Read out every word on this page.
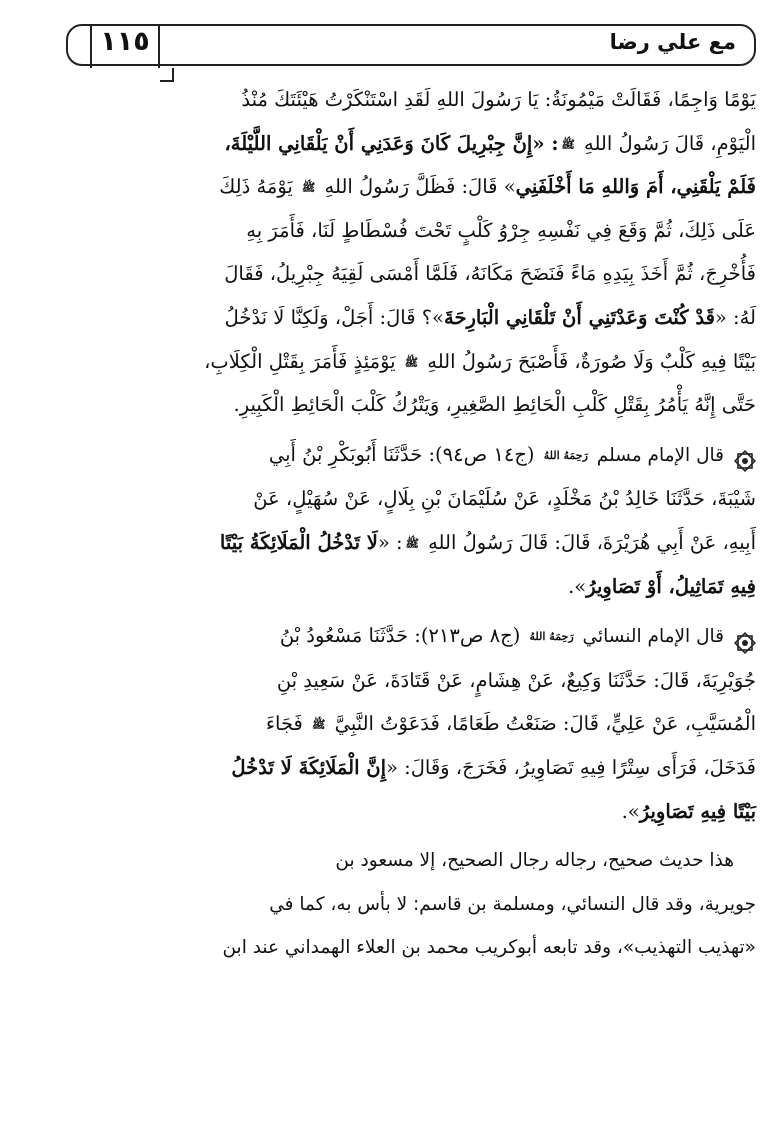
مع علي رضا
١١٥

يَوْمًا وَاجِمًا، فَقَالَتْ مَيْمُونَةُ: يَا رَسُولَ اللهِ لَقَدِ اسْتَنْكَرْتُ هَيْئَتَكَ مُنْذُ

الْيَوْمِ، قَالَ رَسُولُ اللهِ ﷺ: «إِنَّ جِبْرِيلَ كَانَ وَعَدَنِي أَنْ يَلْقَانِي اللَّيْلَةَ،

فَلَمْ يَلْقَنِي، أَمَ وَاللهِ مَا أَخْلَفَنِي» قَالَ: فَظَلَّ رَسُولُ اللهِ ﷺ يَوْمَهُ ذَلِكَ

عَلَى ذَلِكَ، ثُمَّ وَقَعَ فِي نَفْسِهِ جِرْوُ كَلْبٍ تَحْتَ فُسْطَاطٍ لَنَا، فَأَمَرَ بِهِ

فَأُخْرِجَ، ثُمَّ أَخَذَ بِيَدِهِ مَاءً فَنَضَحَ مَكَانَهُ، فَلَمَّا أَمْسَى لَقِيَهُ جِبْرِيلُ، فَقَالَ

لَهُ: «قَدْ كُنْتَ وَعَدْتَنِي أَنْ تَلْقَانِي الْبَارِحَةَ»؟ قَالَ: أَجَلْ، وَلَكِنَّا لَا نَدْخُلُ

بَيْتًا فِيهِ كَلْبٌ وَلَا صُورَةٌ، فَأَصْبَحَ رَسُولُ اللهِ ﷺ يَوْمَئِذٍ فَأَمَرَ بِقَتْلِ الْكِلَابِ،

حَتَّى إِنَّهُ يَأْمُرُ بِقَتْلِ كَلْبِ الْحَائِطِ الصَّغِيرِ، وَيَتْرُكُ كَلْبَ الْحَائِطِ الْكَبِيرِ.

قال الإمام مسلم رَحِمَهُ اللهُ (ج١٤ ص٩٤): حَدَّثَنَا أَبُوبَكْرِ بْنُ أَبِي

شَيْبَةَ، حَدَّثَنَا خَالِدُ بْنُ مَخْلَدٍ، عَنْ سُلَيْمَانَ بْنِ بِلَالٍ، عَنْ سُهَيْلٍ، عَنْ

أَبِيهِ، عَنْ أَبِي هُرَيْرَةَ، قَالَ: قَالَ رَسُولُ اللهِ ﷺ: «لَا تَدْخُلُ الْمَلَائِكَةُ بَيْتًا

فِيهِ تَمَاثِيلُ، أَوْ تَصَاوِيرُ».

قال الإمام النسائي رَحِمَهُ اللهُ (ج٨ ص٢١٣): حَدَّثَنَا مَسْعُودُ بْنُ

جُوَيْرِيَةَ، قَالَ: حَدَّثَنَا وَكِيعٌ، عَنْ هِشَامٍ، عَنْ قَتَادَةَ، عَنْ سَعِيدِ بْنِ

الْمُسَيَّبِ، عَنْ عَلِيٍّ، قَالَ: صَنَعْتُ طَعَامًا، فَدَعَوْتُ النَّبِيَّ ﷺ فَجَاءَ

فَدَخَلَ، فَرَأَى سِتْرًا فِيهِ تَصَاوِيرُ، فَخَرَجَ، وَقَالَ: «إِنَّ الْمَلَائِكَةَ لَا تَدْخُلُ

بَيْتًا فِيهِ تَصَاوِيرُ».

هذا حديث صحيح، رجاله رجال الصحيح، إلا مسعود بن

جويرية، وقد قال النسائي، ومسلمة بن قاسم: لا بأس به، كما في

«تهذيب التهذيب»، وقد تابعه أبوكريب محمد بن العلاء الهمداني عند ابن
